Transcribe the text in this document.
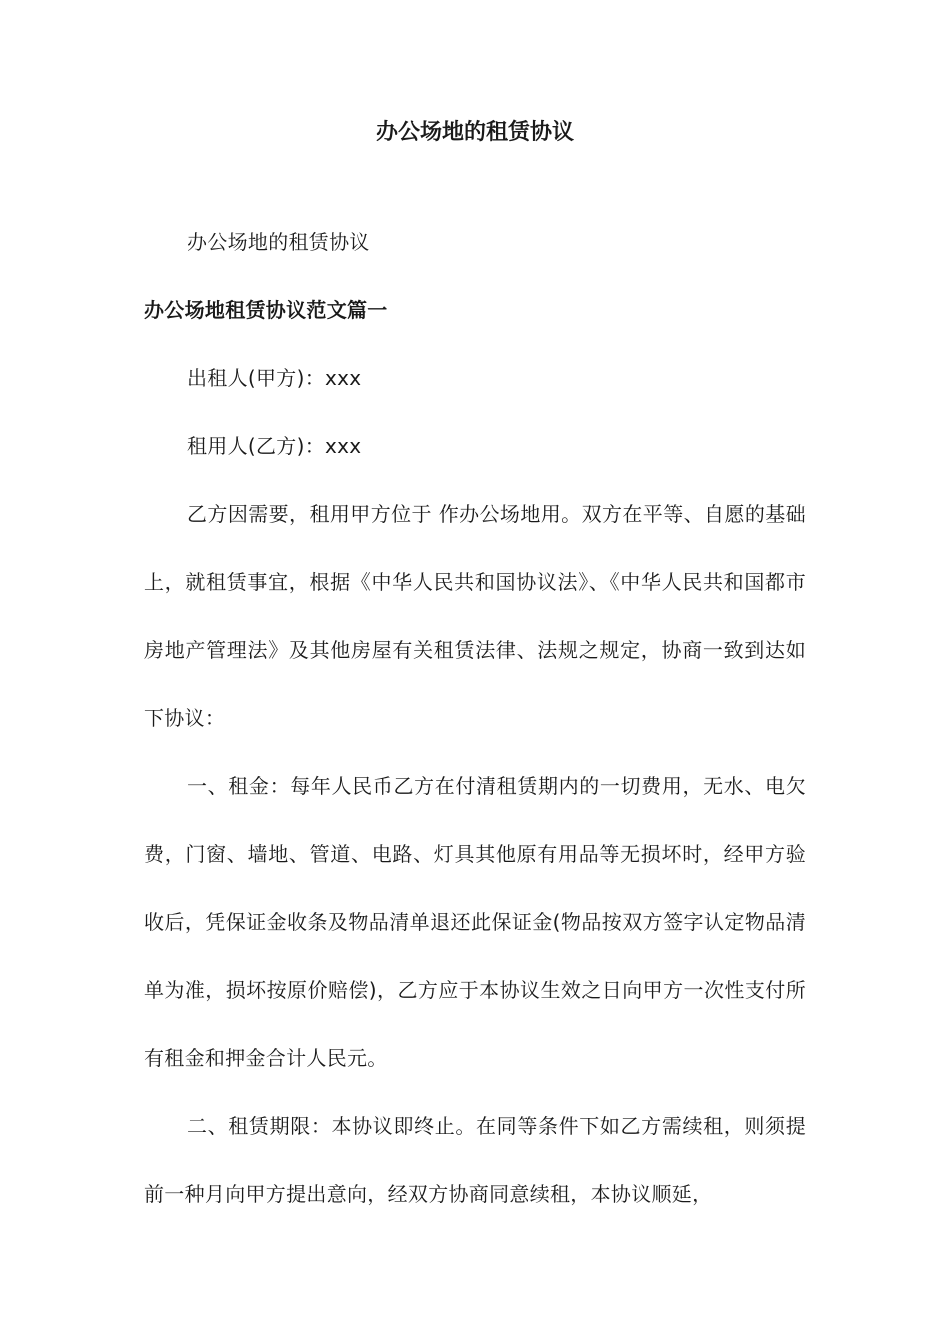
办公场地的租赁协议

办公场地的租赁协议

办公场地租赁协议范文篇一

出租人(甲方)：xxx

租用人(乙方)：xxx

乙方因需要，租用甲方位于 作办公场地用。双方在平等、自愿的基础上，就租赁事宜，根据《中华人民共和国协议法》、《中华人民共和国都市房地产管理法》及其他房屋有关租赁法律、法规之规定，协商一致到达如下协议：

一、租金：每年人民币乙方在付清租赁期内的一切费用，无水、电欠费，门窗、墙地、管道、电路、灯具其他原有用品等无损坏时，经甲方验收后，凭保证金收条及物品清单退还此保证金(物品按双方签字认定物品清单为准，损坏按原价赔偿)，乙方应于本协议生效之日向甲方一次性支付所有租金和押金合计人民元。

二、租赁期限：本协议即终止。在同等条件下如乙方需续租，则须提前一种月向甲方提出意向，经双方协商同意续租，本协议顺延，
